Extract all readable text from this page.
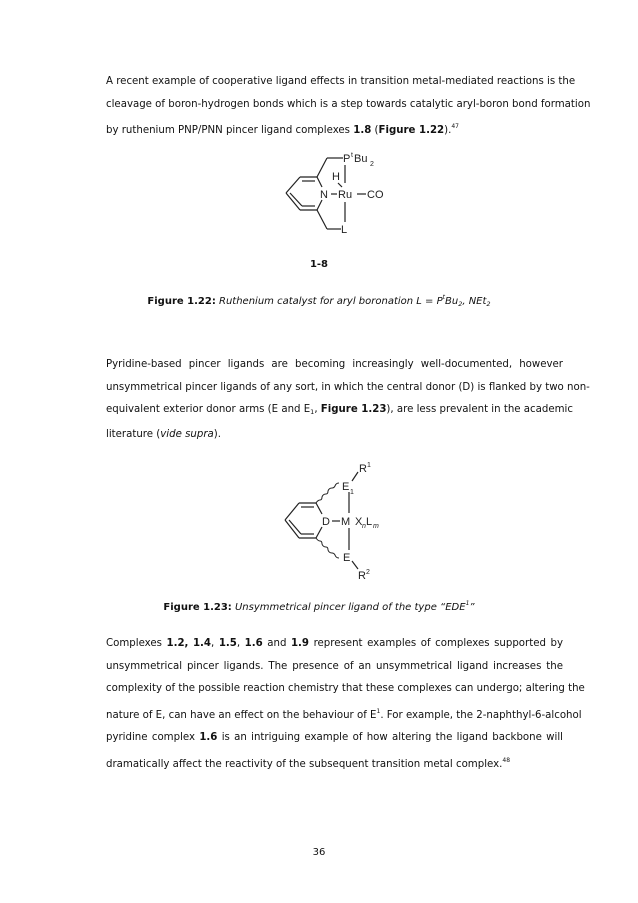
A recent example of cooperative ligand effects in transition metal-mediated reactions is the
cleavage of boron-hydrogen bonds which is a step towards catalytic aryl-boron bond formation
by ruthenium PNP/PNN pincer ligand complexes 1.8 (Figure 1.22).$^{47}$
P t Bu 2
H
N Ru CO
L

1-8

Figure 1.22: Ruthenium catalyst for aryl boronation $L = P^tBu_2$, NEt$_2$

Pyridine-based pincer ligands are becoming increasingly well-documented, however
unsymmetrical pincer ligands of any sort, in which the central donor (D) is flanked by two non-
equivalent exterior donor arms (E and $E_1$, Figure 1.23), are less prevalent in the academic
literature (vide supra).
R 1
E 1
D M X n L m
E
R 2

Figure 1.23: Unsymmetrical pincer ligand of the type “EDE$^1$”

Complexes 1.2, 1.4, 1.5, 1.6 and 1.9 represent examples of complexes supported by
unsymmetrical pincer ligands. The presence of an unsymmetrical ligand increases the
complexity of the possible reaction chemistry that these complexes can undergo; altering the
nature of E, can have an effect on the behaviour of $E^1$. For example, the 2-naphthyl-6-alcohol
pyridine complex 1.6 is an intriguing example of how altering the ligand backbone will
dramatically affect the reactivity of the subsequent transition metal complex.$^{48}$

36
